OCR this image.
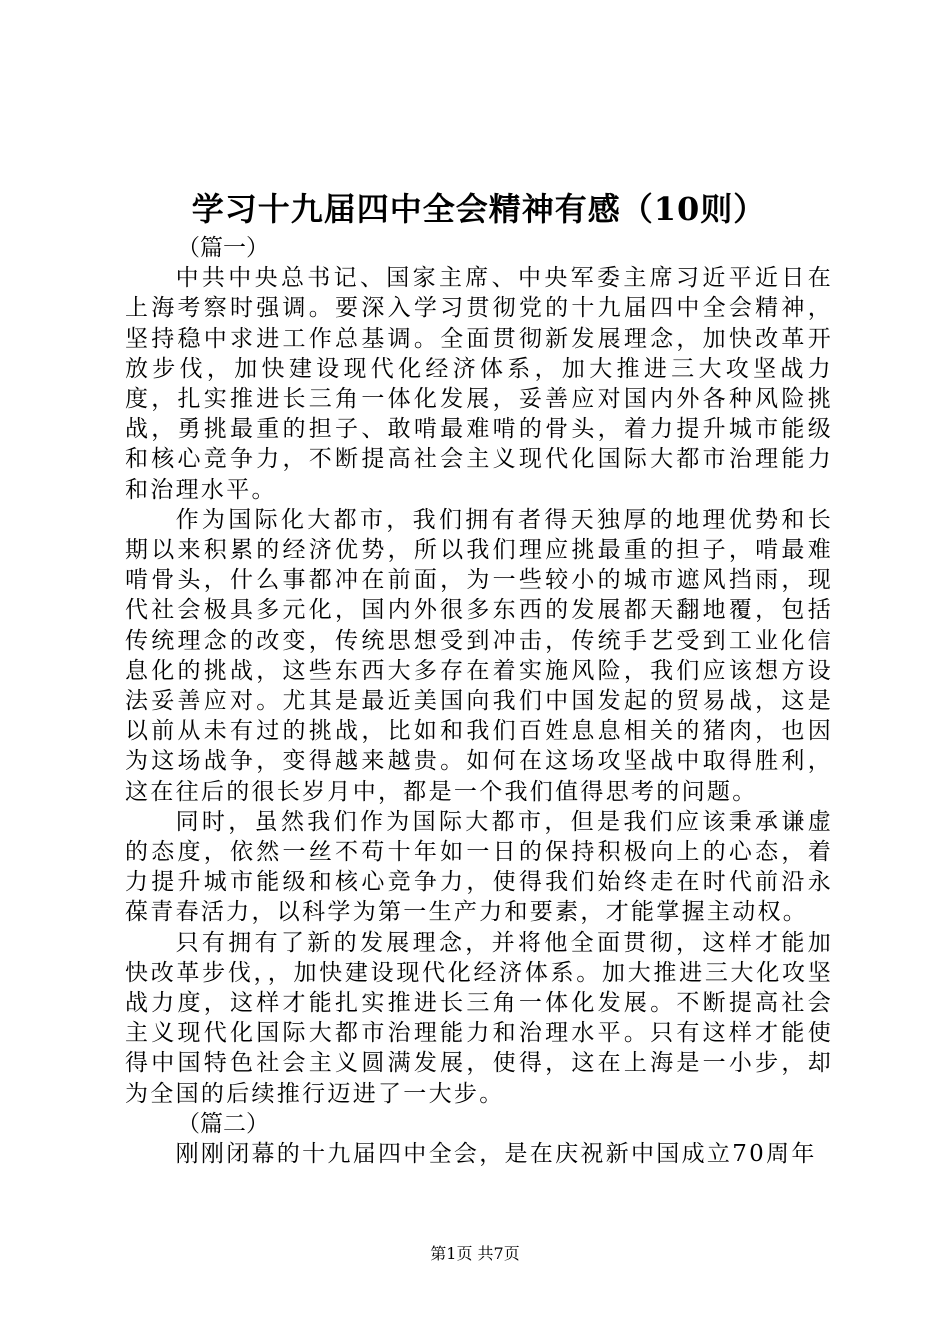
学习十九届四中全会精神有感（10则）

（篇一）

中共中央总书记、国家主席、中央军委主席习近平近日在上海考察时强调。要深入学习贯彻党的十九届四中全会精神，坚持稳中求进工作总基调。全面贯彻新发展理念，加快改革开放步伐，加快建设现代化经济体系，加大推进三大攻坚战力度，扎实推进长三角一体化发展，妥善应对国内外各种风险挑战，勇挑最重的担子、敢啃最难啃的骨头，着力提升城市能级和核心竞争力，不断提高社会主义现代化国际大都市治理能力和治理水平。

作为国际化大都市，我们拥有者得天独厚的地理优势和长期以来积累的经济优势，所以我们理应挑最重的担子，啃最难啃骨头，什么事都冲在前面，为一些较小的城市遮风挡雨，现代社会极具多元化，国内外很多东西的发展都天翻地覆，包括传统理念的改变，传统思想受到冲击，传统手艺受到工业化信息化的挑战，这些东西大多存在着实施风险，我们应该想方设法妥善应对。尤其是最近美国向我们中国发起的贸易战，这是以前从未有过的挑战，比如和我们百姓息息相关的猪肉，也因为这场战争，变得越来越贵。如何在这场攻坚战中取得胜利，这在往后的很长岁月中，都是一个我们值得思考的问题。

同时，虽然我们作为国际大都市，但是我们应该秉承谦虚的态度，依然一丝不苟十年如一日的保持积极向上的心态，着力提升城市能级和核心竞争力，使得我们始终走在时代前沿永葆青春活力，以科学为第一生产力和要素，才能掌握主动权。

只有拥有了新的发展理念，并将他全面贯彻，这样才能加快改革步伐，，加快建设现代化经济体系。加大推进三大化攻坚战力度，这样才能扎实推进长三角一体化发展。不断提高社会主义现代化国际大都市治理能力和治理水平。只有这样才能使得中国特色社会主义圆满发展，使得，这在上海是一小步，却为全国的后续推行迈进了一大步。

（篇二）

刚刚闭幕的十九届四中全会，是在庆祝新中国成立70周年

第1页 共7页
